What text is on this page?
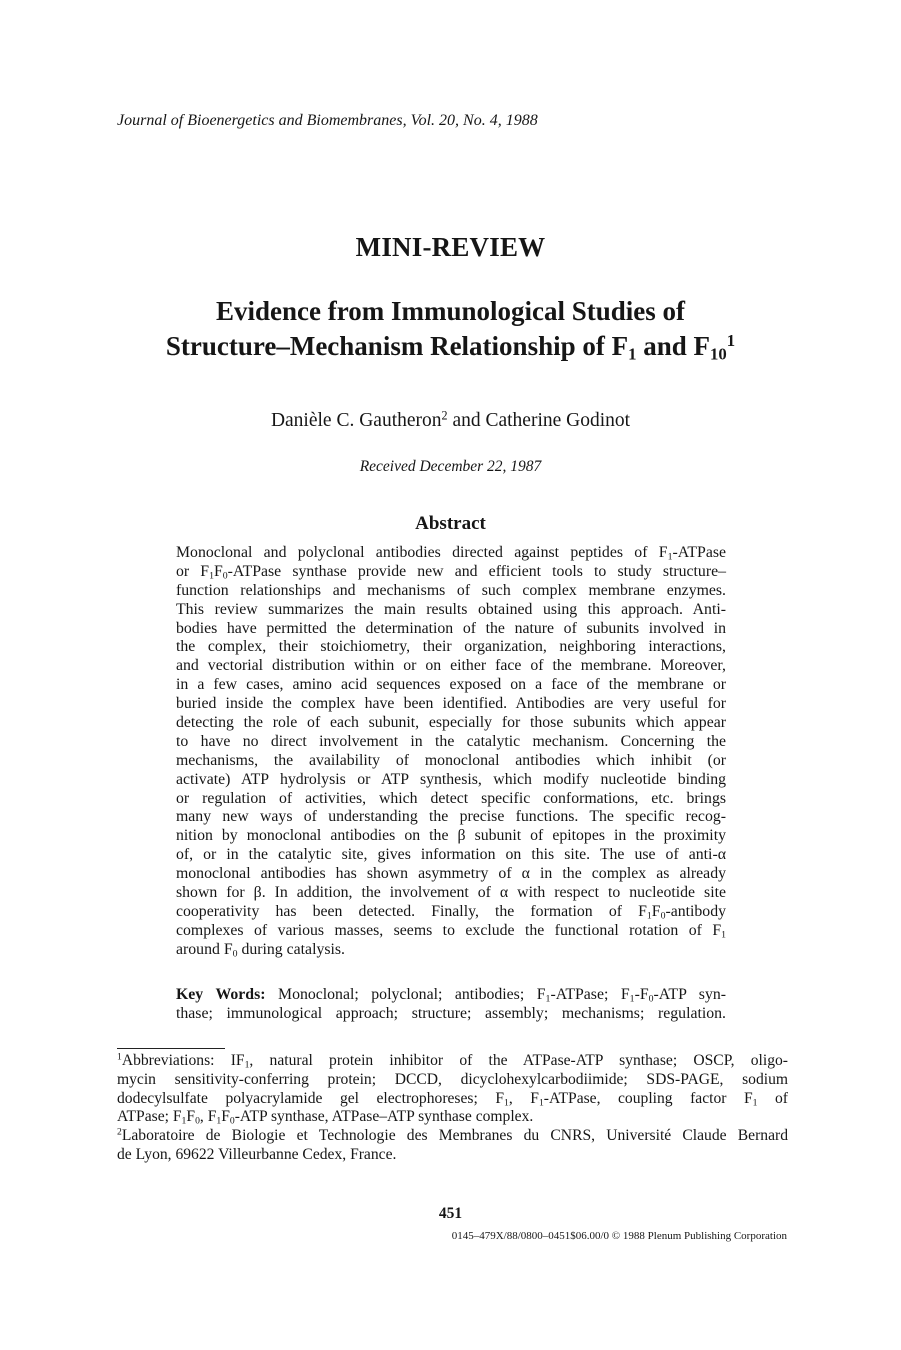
Journal of Bioenergetics and Biomembranes, Vol. 20, No. 4, 1988
MINI-REVIEW
Evidence from Immunological Studies of
Structure–Mechanism Relationship of $F_1$ and $F_{10}^1$
Danièle C. Gautheron$^2$ and Catherine Godinot
Received December 22, 1987
Abstract
Monoclonal and polyclonal antibodies directed against peptides of $F_1$-ATPase
or $F_1F_0$-ATPase synthase provide new and efficient tools to study structure–
function relationships and mechanisms of such complex membrane enzymes.
This review summarizes the main results obtained using this approach. Anti-
bodies have permitted the determination of the nature of subunits involved in
the complex, their stoichiometry, their organization, neighboring interactions,
and vectorial distribution within or on either face of the membrane. Moreover,
in a few cases, amino acid sequences exposed on a face of the membrane or
buried inside the complex have been identified. Antibodies are very useful for
detecting the role of each subunit, especially for those subunits which appear
to have no direct involvement in the catalytic mechanism. Concerning the
mechanisms, the availability of monoclonal antibodies which inhibit (or
activate) ATP hydrolysis or ATP synthesis, which modify nucleotide binding
or regulation of activities, which detect specific conformations, etc. brings
many new ways of understanding the precise functions. The specific recog-
nition by monoclonal antibodies on the β subunit of epitopes in the proximity
of, or in the catalytic site, gives information on this site. The use of anti-α
monoclonal antibodies has shown asymmetry of α in the complex as already
shown for β. In addition, the involvement of α with respect to nucleotide site
cooperativity has been detected. Finally, the formation of $F_1F_0$-antibody
complexes of various masses, seems to exclude the functional rotation of $F_1$
around $F_0$ during catalysis.
Key Words: Monoclonal; polyclonal; antibodies; $F_1$-ATPase; $F_1-F_0$-ATP syn-
thase; immunological approach; structure; assembly; mechanisms; regulation.
$^1$Abbreviations: $IF_1$, natural protein inhibitor of the ATPase-ATP synthase; OSCP, oligo-
mycin sensitivity-conferring protein; DCCD, dicyclohexylcarbodiimide; SDS-PAGE, sodium
dodecylsulfate polyacrylamide gel electrophoreses; $F_1$, $F_1$-ATPase, coupling factor $F_1$ of
ATPase; $F_1F_0$, $F_1F_0$-ATP synthase, ATPase–ATP synthase complex.
$^2$Laboratoire de Biologie et Technologie des Membranes du CNRS, Université Claude Bernard
de Lyon, 69622 Villeurbanne Cedex, France.
451
0145–479X/88/0800–0451$06.00/0 © 1988 Plenum Publishing Corporation
